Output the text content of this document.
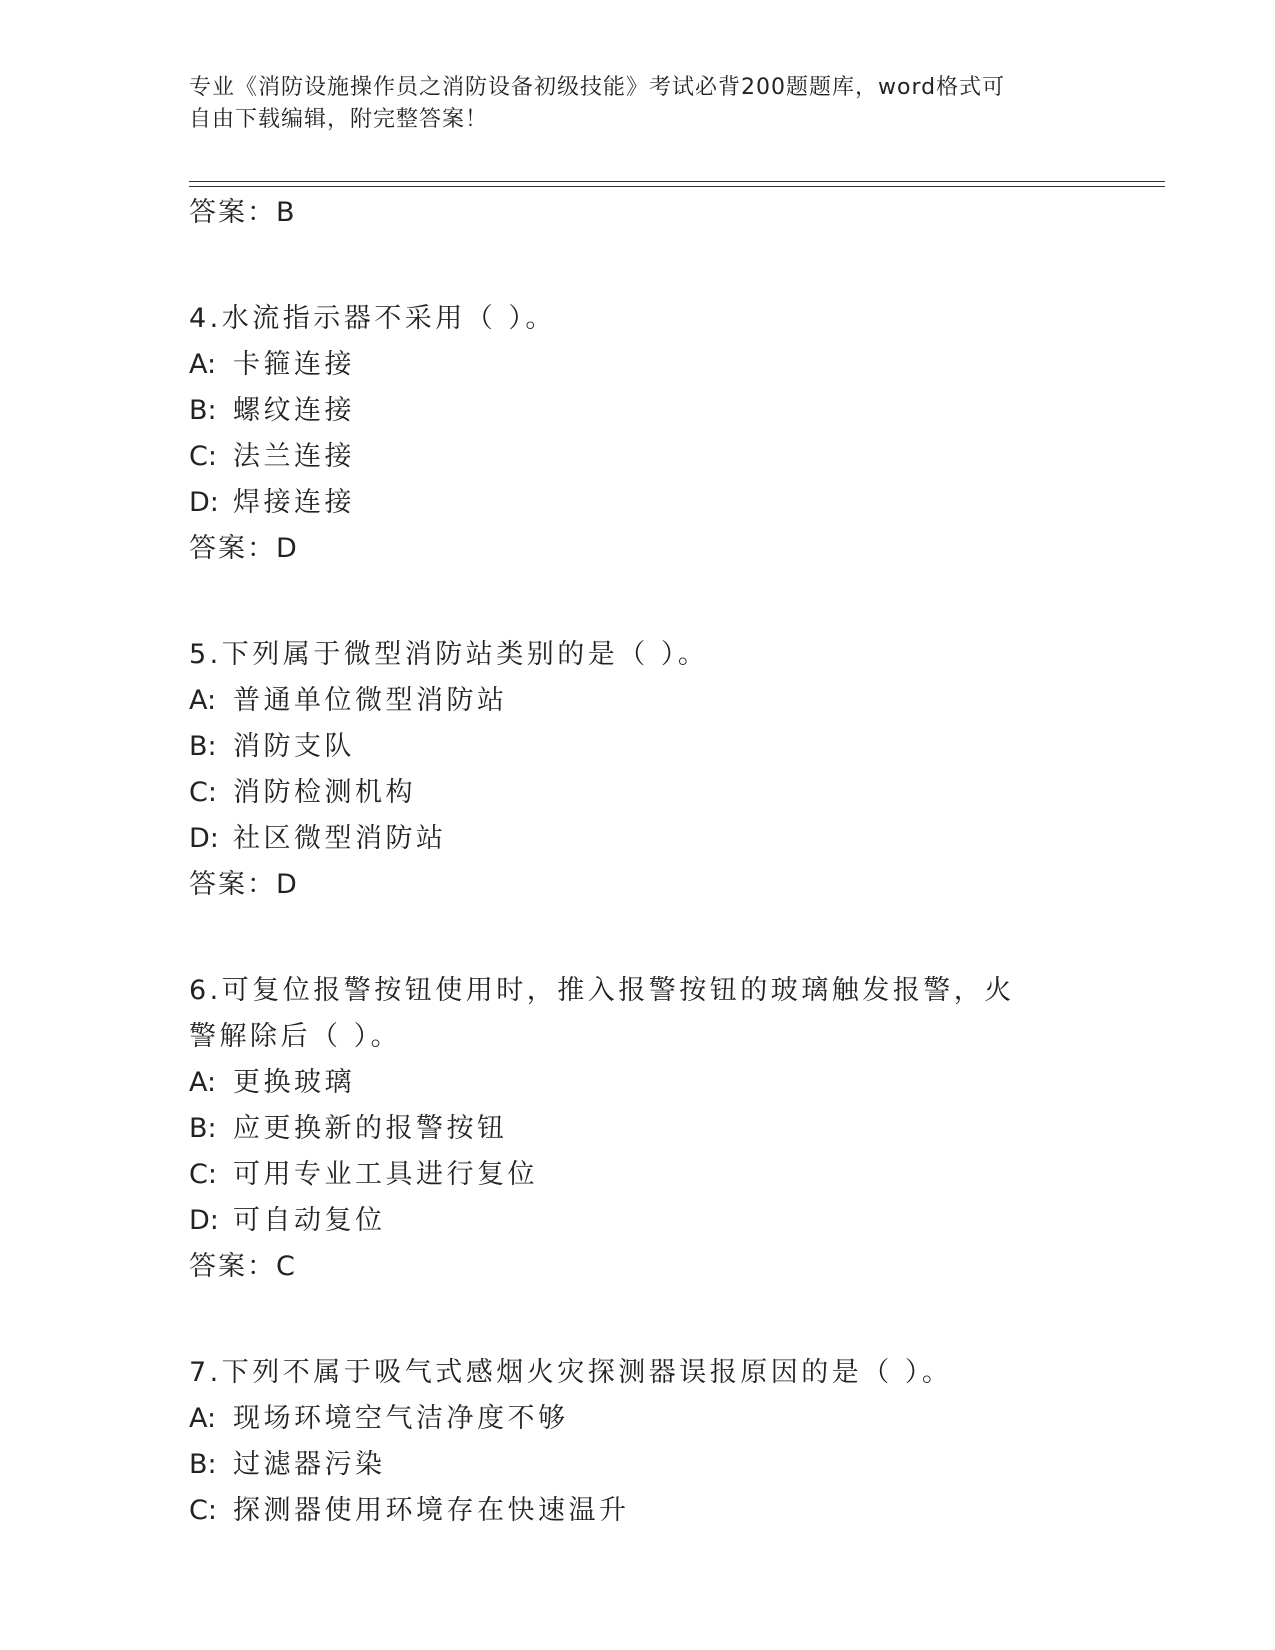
专业《消防设施操作员之消防设备初级技能》考试必背200题题库，word格式可
自由下载编辑，附完整答案！
答案：B
4.水流指示器不采用（ ）。
A: 卡箍连接
B: 螺纹连接
C: 法兰连接
D: 焊接连接
答案：D
5.下列属于微型消防站类别的是（ ）。
A: 普通单位微型消防站
B: 消防支队
C: 消防检测机构
D: 社区微型消防站
答案：D
6.可复位报警按钮使用时，推入报警按钮的玻璃触发报警，火警解除后（ ）。
A: 更换玻璃
B: 应更换新的报警按钮
C: 可用专业工具进行复位
D: 可自动复位
答案：C
7.下列不属于吸气式感烟火灾探测器误报原因的是（ ）。
A: 现场环境空气洁净度不够
B: 过滤器污染
C: 探测器使用环境存在快速温升
